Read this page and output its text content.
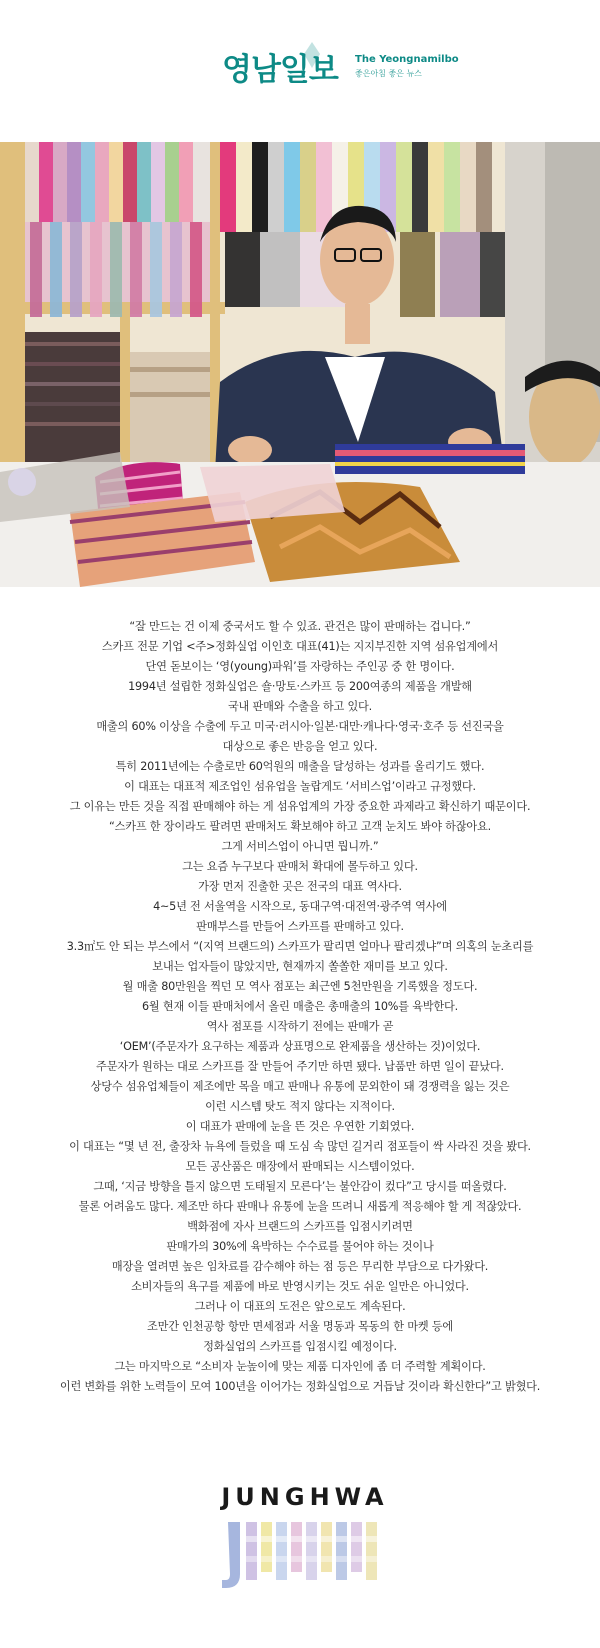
영남일보 The Yeongnamilbo
좋은아침 좋은 뉴스

“잘 만드는 건 이제 중국서도 할 수 있죠. 관건은 많이 판매하는 겁니다.”

스카프 전문 기업 <주>정화실업 이인호 대표(41)는 지지부진한 지역 섬유업계에서

단연 돋보이는 ‘영(young)파워’를 자랑하는 주인공 중 한 명이다.

1994년 설립한 정화실업은 숄·망토·스카프 등 200여종의 제품을 개발해

국내 판매와 수출을 하고 있다.

매출의 60% 이상을 수출에 두고 미국·러시아·일본·대만·캐나다·영국·호주 등 선진국을

대상으로 좋은 반응을 얻고 있다.

특히 2011년에는 수출로만 60억원의 매출을 달성하는 성과를 올리기도 했다.

이 대표는 대표적 제조업인 섬유업을 놀랍게도 ‘서비스업’이라고 규정했다.

그 이유는 만든 것을 직접 판매해야 하는 게 섬유업계의 가장 중요한 과제라고 확신하기 때문이다.

“스카프 한 장이라도 팔려면 판매처도 확보해야 하고 고객 눈치도 봐야 하잖아요.

그게 서비스업이 아니면 뭡니까.”

그는 요즘 누구보다 판매처 확대에 몰두하고 있다.

가장 먼저 진출한 곳은 전국의 대표 역사다.

4~5년 전 서울역을 시작으로, 동대구역·대전역·광주역 역사에

판매부스를 만들어 스카프를 판매하고 있다.

3.3㎡도 안 되는 부스에서 “(지역 브랜드의) 스카프가 팔리면 얼마나 팔리겠냐”며 의혹의 눈초리를

보내는 업자들이 많았지만, 현재까지 쏠쏠한 재미를 보고 있다.

월 매출 80만원을 찍던 모 역사 점포는 최근엔 5천만원을 기록했을 정도다.

6월 현재 이들 판매처에서 올린 매출은 총매출의 10%를 육박한다.

역사 점포를 시작하기 전에는 판매가 곧

‘OEM’(주문자가 요구하는 제품과 상표명으로 완제품을 생산하는 것)이었다.

주문자가 원하는 대로 스카프를 잘 만들어 주기만 하면 됐다. 납품만 하면 일이 끝났다.

상당수 섬유업체들이 제조에만 목을 매고 판매나 유통에 문외한이 돼 경쟁력을 잃는 것은

이런 시스템 탓도 적지 않다는 지적이다.

이 대표가 판매에 눈을 뜬 것은 우연한 기회였다.

이 대표는 “몇 년 전, 출장차 뉴욕에 들렀을 때 도심 속 많던 길거리 점포들이 싹 사라진 것을 봤다.

모든 공산품은 매장에서 판매되는 시스템이었다.

그때, ‘지금 방향을 틀지 않으면 도태될지 모른다’는 불안감이 컸다”고 당시를 떠올렸다.

물론 어려움도 많다. 제조만 하다 판매나 유통에 눈을 뜨려니 새롭게 적응해야 할 게 적잖았다.

백화점에 자사 브랜드의 스카프를 입점시키려면

판매가의 30%에 육박하는 수수료를 물어야 하는 것이나

매장을 열려면 높은 임차료를 감수해야 하는 점 등은 무리한 부담으로 다가왔다.

소비자들의 욕구를 제품에 바로 반영시키는 것도 쉬운 일만은 아니었다.

그러나 이 대표의 도전은 앞으로도 계속된다.

조만간 인천공항 항만 면세점과 서울 명동과 목동의 한 마켓 등에

정화실업의 스카프를 입점시킬 예정이다.

그는 마지막으로 “소비자 눈높이에 맞는 제품 디자인에 좀 더 주력할 계획이다.

이런 변화를 위한 노력들이 모여 100년을 이어가는 정화실업으로 거듭날 것이라 확신한다”고 밝혔다.

JUNGHWA
